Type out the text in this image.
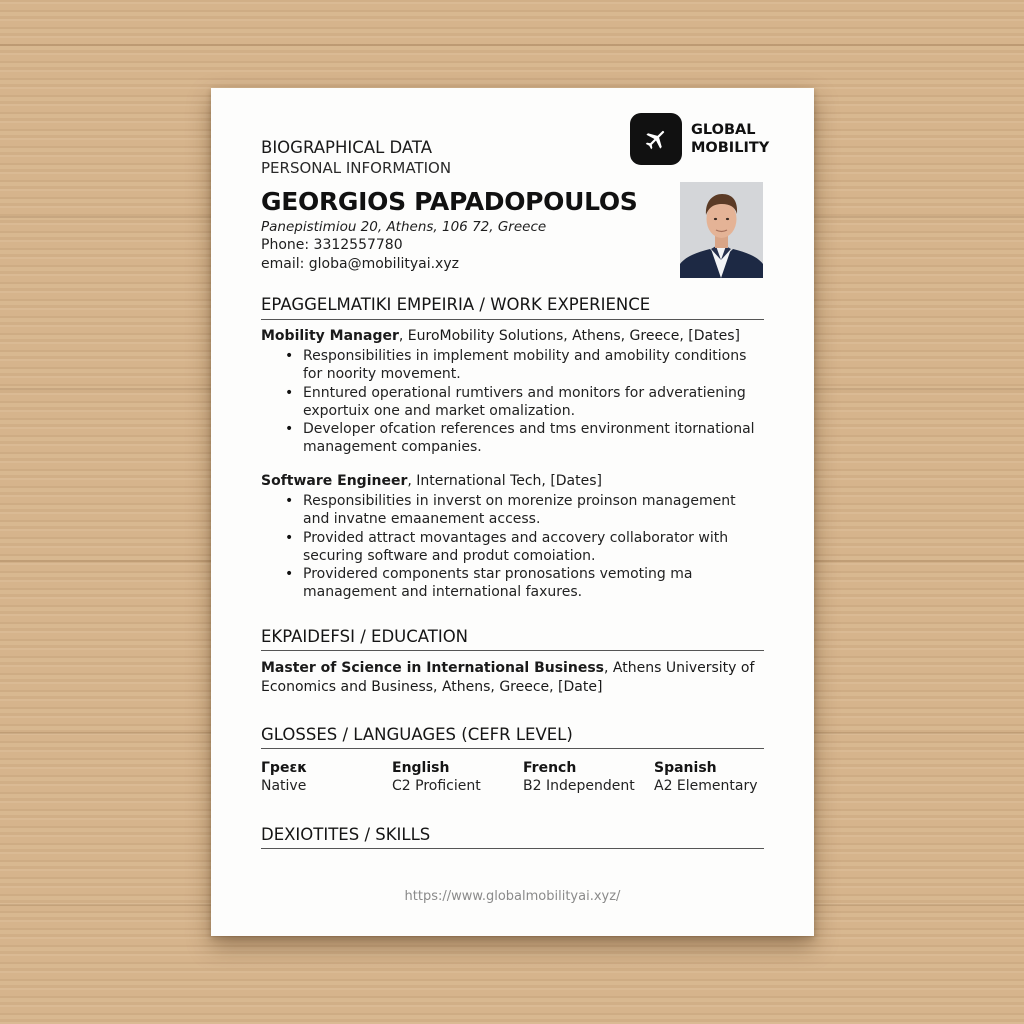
BIOGRAPHICAL DATA
PERSONAL INFORMATION
GLOBAL
MOBILITY
GEORGIOS PAPADOPOULOS
Panepistimiou 20, Athens, 106 72, Greece
Phone: 3312557780
email: globa@mobilityai.xyz
EPAGGELMATIKI EMPEIRIA / WORK EXPERIENCE
Mobility Manager, EuroMobility Solutions, Athens, Greece, [Dates]
• Responsibilities in implement mobility and amobility conditions for noority movement.
• Enntured operational rumtivers and monitors for adveratiening exportuix one and market omalization.
• Developer ofcation references and tms environment itornational management companies.
Software Engineer, International Tech, [Dates]
• Responsibilities in inverst on morenize proinson management and invatne emaanement access.
• Provided attract movantages and accovery collaborator with securing software and produt comoiation.
• Providered components star pronosations vemoting ma management and international faxures.
EKPAIDEFSI / EDUCATION
Master of Science in International Business, Athens University of Economics and Business, Athens, Greece, [Date]
GLOSSES / LANGUAGES (CEFR LEVEL)
Γpeεκ
Native
English
C2 Proficient
French
B2 Independent
Spanish
A2 Elementary
DEXIOTITES / SKILLS
https://www.globalmobilityai.xyz/
